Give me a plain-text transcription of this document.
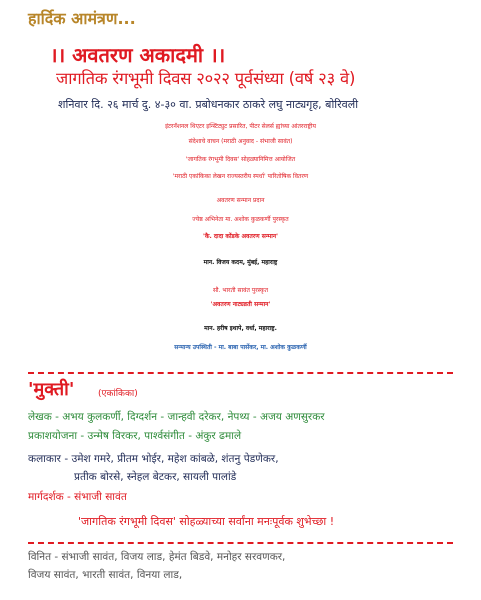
हार्दिक आमंत्रण...
।। अवतरण अकादमी ।।
जागतिक रंगभूमी दिवस २०२२ पूर्वसंध्या (वर्ष २३ वे)
शनिवार दि. २६ मार्च दु. ४-३० वा. प्रबोधनकार ठाकरे लघु नाट्यगृह, बोरिवली
इंटरनॅशनल थिएटर इन्स्टिट्युट प्रसारित, पीटर सेलर्स ह्यांच्या आंतरराष्ट्रीय
संदेशाचे वाचन (मराठी अनुवाद - संभाजी सावंत)
'जागतिक रंगभूमी दिवस' सोहळ्यानिमित्त आयोजित
'मराठी एकांकिका लेखन राज्यस्तरीय स्पर्धा' पारितोषिक वितरण
अवतरण सन्मान प्रदान
ज्येष्ठ अभिनेता मा. अशोक कुळकर्णी पुरस्कृत
'कै. दादा कोंडके अवतरण सन्मान'
मान. विजय कदम, मुंबई, महाराष्ट्र
सौ. भारती सावंत पुरस्कृत
'अवतरण नाट्यव्रती सन्मान'
मान. हरीष इथापे, वर्धा, महाराष्ट्र.
सन्मान्य उपस्थिती - मा. बाबा पार्सेकर, मा. अशोक कुळकर्णी
'मुक्ती'	(एकांकिका)
लेखक - अभय कुलकर्णी, दिग्दर्शन - जान्हवी दरेकर, नेपथ्य - अजय अणसुरकर
प्रकाशयोजना - उन्मेष विरकर, पार्श्वसंगीत - अंकुर ढमाले
कलाकार - उमेश गमरे, प्रीतम भोईर, महेश कांबळे, शंतनु पेडणेकर,
प्रतीक बोरसे, स्नेहल बेटकर, सायली पालांडे
मार्गदर्शक - संभाजी सावंत
'जागतिक रंगभूमी दिवस' सोहळ्याच्या सर्वांना मनःपूर्वक शुभेच्छा !
विनित - संभाजी सावंत, विजय लाड, हेमंत बिडवे, मनोहर सरवणकर,
विजय सावंत, भारती सावंत, विनया लाड,
